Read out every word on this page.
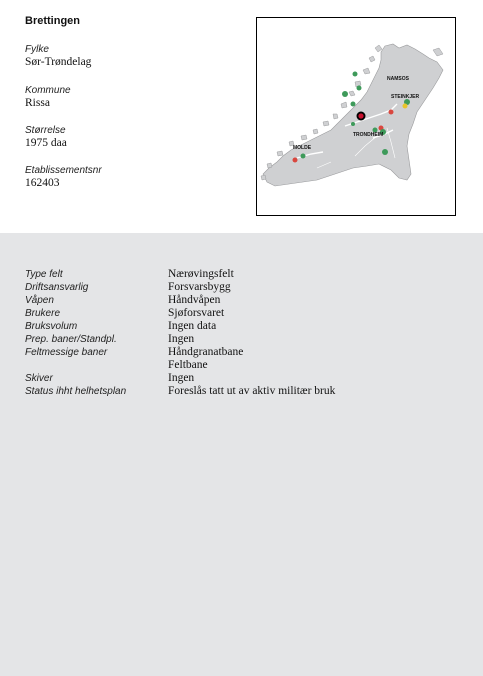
Brettingen
Fylke
Sør-Trøndelag
Kommune
Rissa
Størrelse
1975 daa
Etablissementsnr
162403
NAMSOS
STEINKJER
TRONDHEIM
MOLDE
Type felt	Nærøvingsfelt
Driftsansvarlig	Forsvarsbygg
Våpen	Håndvåpen
Brukere	Sjøforsvaret
Bruksvolum	Ingen data
Prep. baner/Standpl.	Ingen
Feltmessige baner	Håndgranatbane
Feltbane
Skiver	Ingen
Status ihht helhetsplan	Foreslås tatt ut av aktiv militær bruk
